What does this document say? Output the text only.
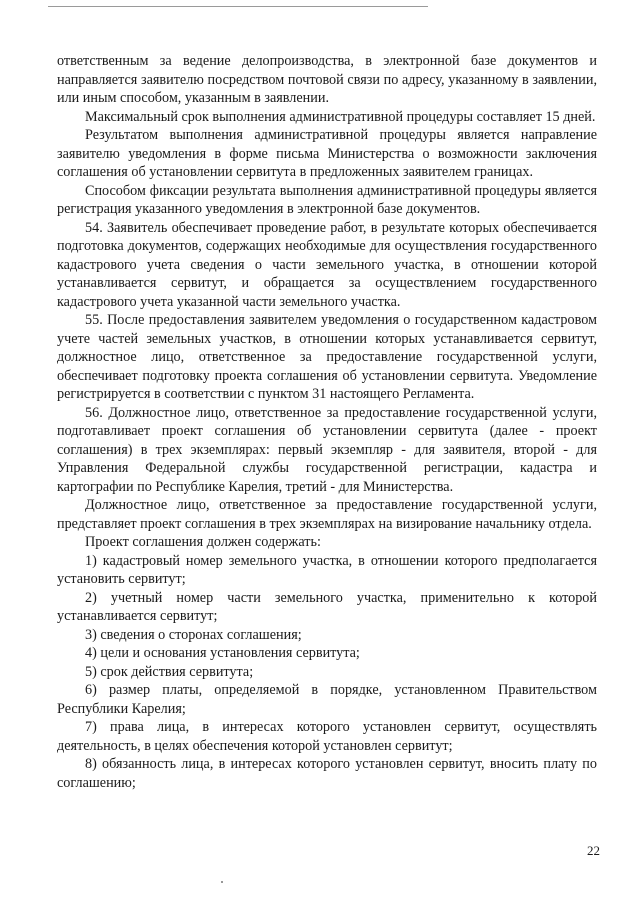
ответственным за ведение делопроизводства, в электронной базе документов и направляется заявителю посредством почтовой связи по адресу, указанному в заявлении, или иным способом, указанным в заявлении.

Максимальный срок выполнения административной процедуры составляет 15 дней.

Результатом выполнения административной процедуры является направление заявителю уведомления в форме письма Министерства о возможности заключения соглашения об установлении сервитута в предложенных заявителем границах.

Способом фиксации результата выполнения административной процедуры является регистрация указанного уведомления в электронной базе документов.

54. Заявитель обеспечивает проведение работ, в результате которых обеспечивается подготовка документов, содержащих необходимые для осуществления государственного кадастрового учета сведения о части земельного участка, в отношении которой устанавливается сервитут, и обращается за осуществлением государственного кадастрового учета указанной части земельного участка.

55. После предоставления заявителем уведомления о государственном кадастровом учете частей земельных участков, в отношении которых устанавливается сервитут, должностное лицо, ответственное за предоставление государственной услуги, обеспечивает подготовку проекта соглашения об установлении сервитута. Уведомление регистрируется в соответствии с пунктом 31 настоящего Регламента.

56. Должностное лицо, ответственное за предоставление государственной услуги, подготавливает проект соглашения об установлении сервитута (далее - проект соглашения) в трех экземплярах: первый экземпляр - для заявителя, второй - для Управления Федеральной службы государственной регистрации, кадастра и картографии по Республике Карелия, третий - для Министерства.

Должностное лицо, ответственное за предоставление государственной услуги, представляет проект соглашения в трех экземплярах на визирование начальнику отдела.

Проект соглашения должен содержать:

1) кадастровый номер земельного участка, в отношении которого предполагается установить сервитут;

2) учетный номер части земельного участка, применительно к которой устанавливается сервитут;

3) сведения о сторонах соглашения;

4) цели и основания установления сервитута;

5) срок действия сервитута;

6) размер платы, определяемой в порядке, установленном Правительством Республики Карелия;

7) права лица, в интересах которого установлен сервитут, осуществлять деятельность, в целях обеспечения которой установлен сервитут;

8) обязанность лица, в интересах которого установлен сервитут, вносить плату по соглашению;

22
